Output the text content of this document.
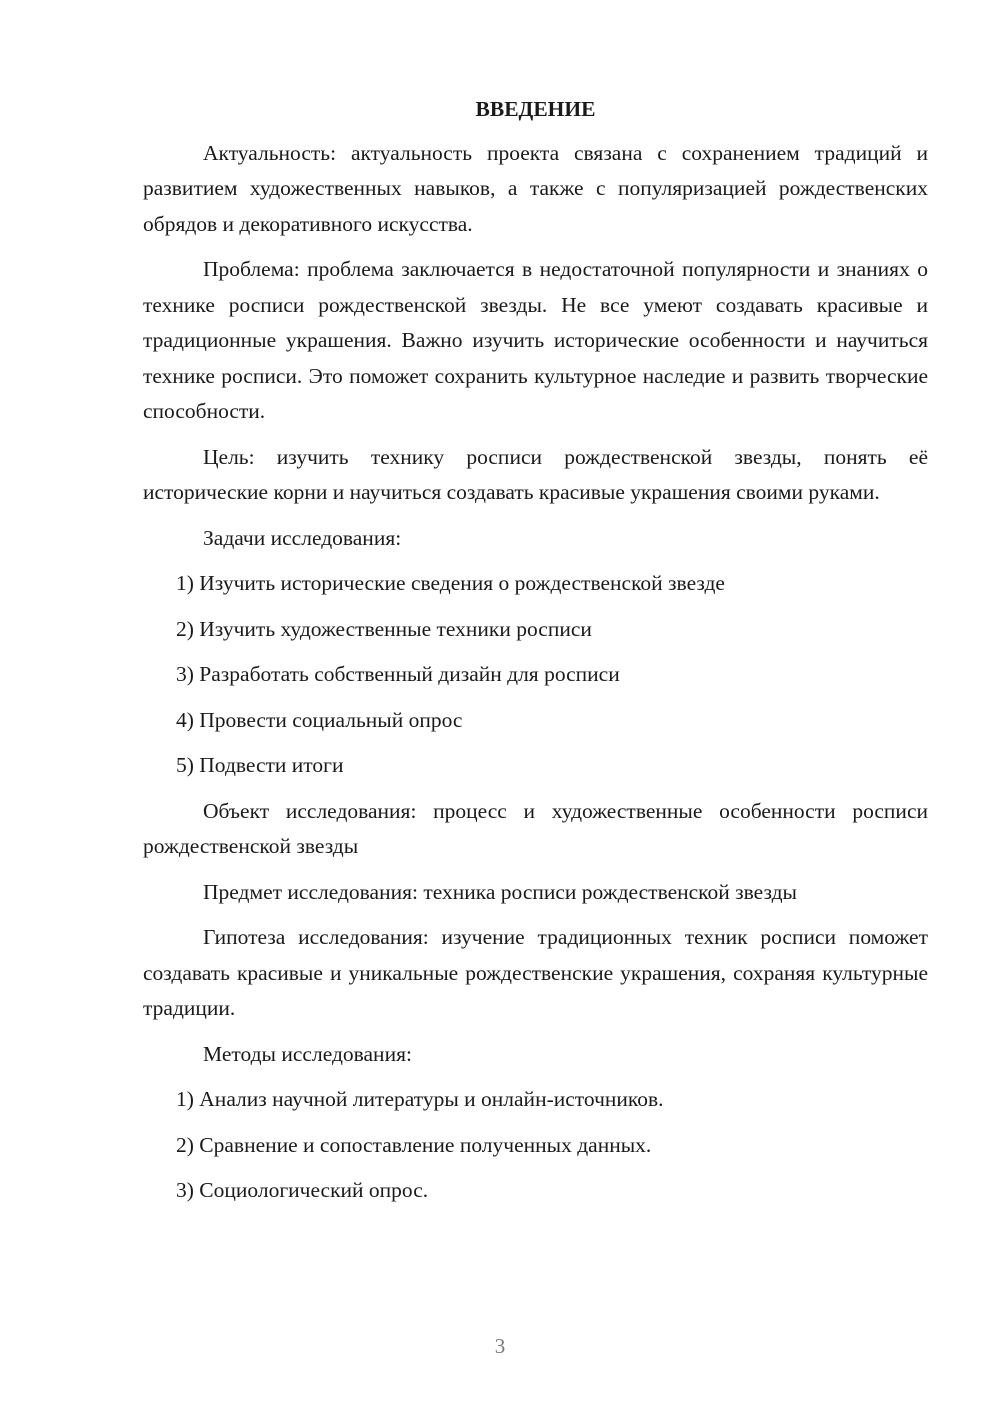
ВВЕДЕНИЕ
Актуальность: актуальность проекта связана с сохранением традиций и развитием художественных навыков, а также с популяризацией рождественских обрядов и декоративного искусства.
Проблема: проблема заключается в недостаточной популярности и знаниях о технике росписи рождественской звезды. Не все умеют создавать красивые и традиционные украшения. Важно изучить исторические особенности и научиться технике росписи. Это поможет сохранить культурное наследие и развить творческие способности.
Цель: изучить технику росписи рождественской звезды, понять её исторические корни и научиться создавать красивые украшения своими руками.
Задачи исследования:
1) Изучить исторические сведения о рождественской звезде
2) Изучить художественные техники росписи
3) Разработать собственный дизайн для росписи
4) Провести социальный опрос
5) Подвести итоги
Объект исследования: процесс и художественные особенности росписи рождественской звезды
Предмет исследования: техника росписи рождественской звезды
Гипотеза исследования: изучение традиционных техник росписи поможет создавать красивые и уникальные рождественские украшения, сохраняя культурные традиции.
Методы исследования:
1) Анализ научной литературы и онлайн-источников.
2) Сравнение и сопоставление полученных данных.
3) Социологический опрос.
3
